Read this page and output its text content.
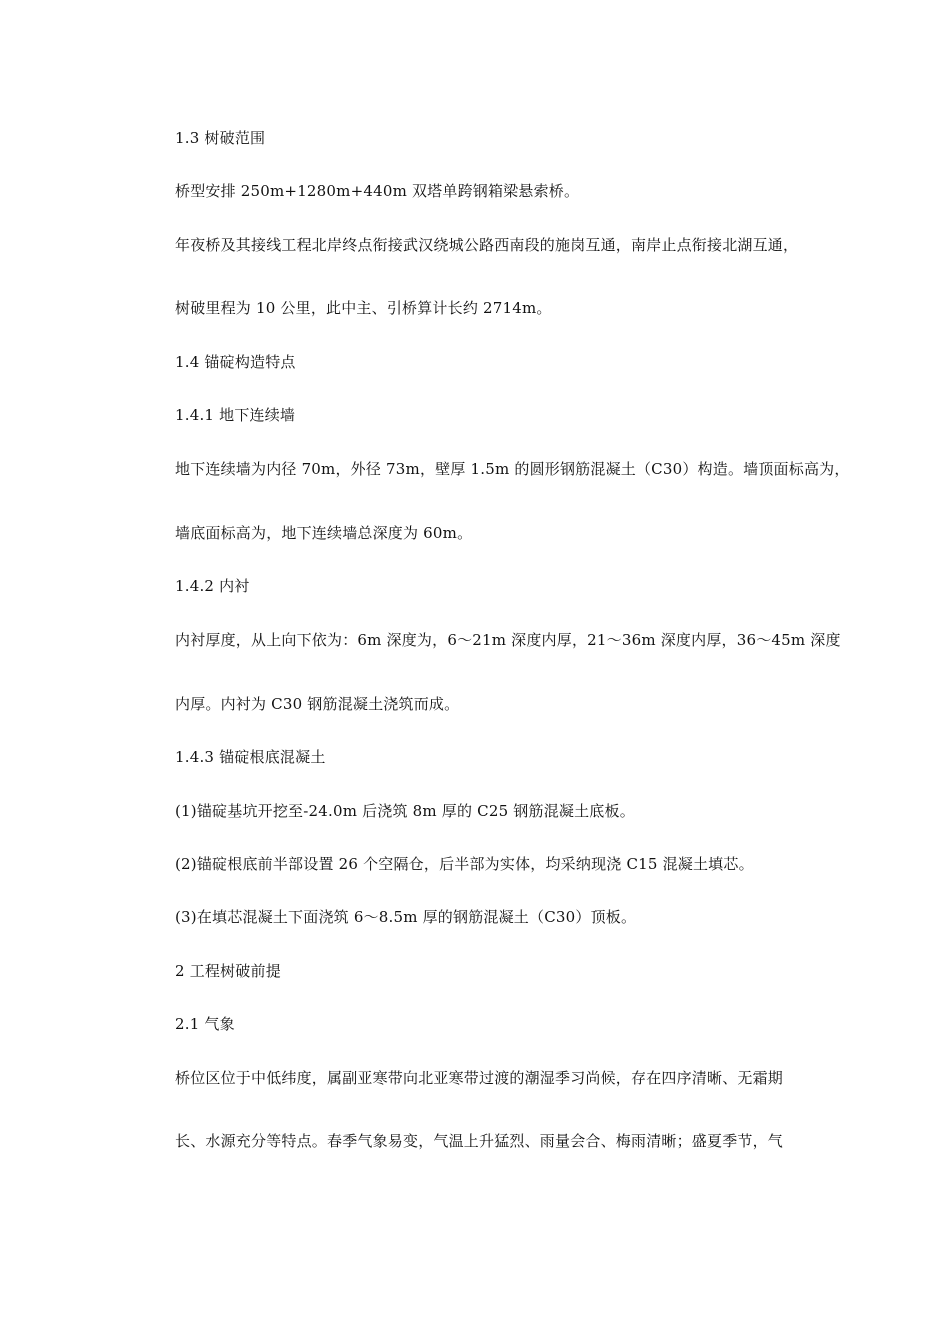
1.3 树破范围

桥型安排 250m+1280m+440m 双塔单跨钢箱梁悬索桥。

年夜桥及其接线工程北岸终点衔接武汉绕城公路西南段的施岗互通，南岸止点衔接北湖互通，

树破里程为 10 公里，此中主、引桥算计长约 2714m。

1.4 锚碇构造特点

1.4.1 地下连续墙

地下连续墙为内径 70m，外径 73m，壁厚 1.5m 的圆形钢筋混凝土（C30）构造。墙顶面标高为，

墙底面标高为，地下连续墙总深度为 60m。

1.4.2 内衬

内衬厚度，从上向下依为：6m 深度为，6～21m 深度内厚，21～36m 深度内厚，36～45m 深度

内厚。内衬为 C30 钢筋混凝土浇筑而成。

1.4.3 锚碇根底混凝土

(1)锚碇基坑开挖至-24.0m 后浇筑 8m 厚的 C25 钢筋混凝土底板。

(2)锚碇根底前半部设置 26 个空隔仓，后半部为实体，均采纳现浇 C15 混凝土填芯。

(3)在填芯混凝土下面浇筑 6～8.5m 厚的钢筋混凝土（C30）顶板。

2 工程树破前提

2.1 气象

桥位区位于中低纬度，属副亚寒带向北亚寒带过渡的潮湿季习尚候，存在四序清晰、无霜期

长、水源充分等特点。春季气象易变，气温上升猛烈、雨量会合、梅雨清晰；盛夏季节，气
